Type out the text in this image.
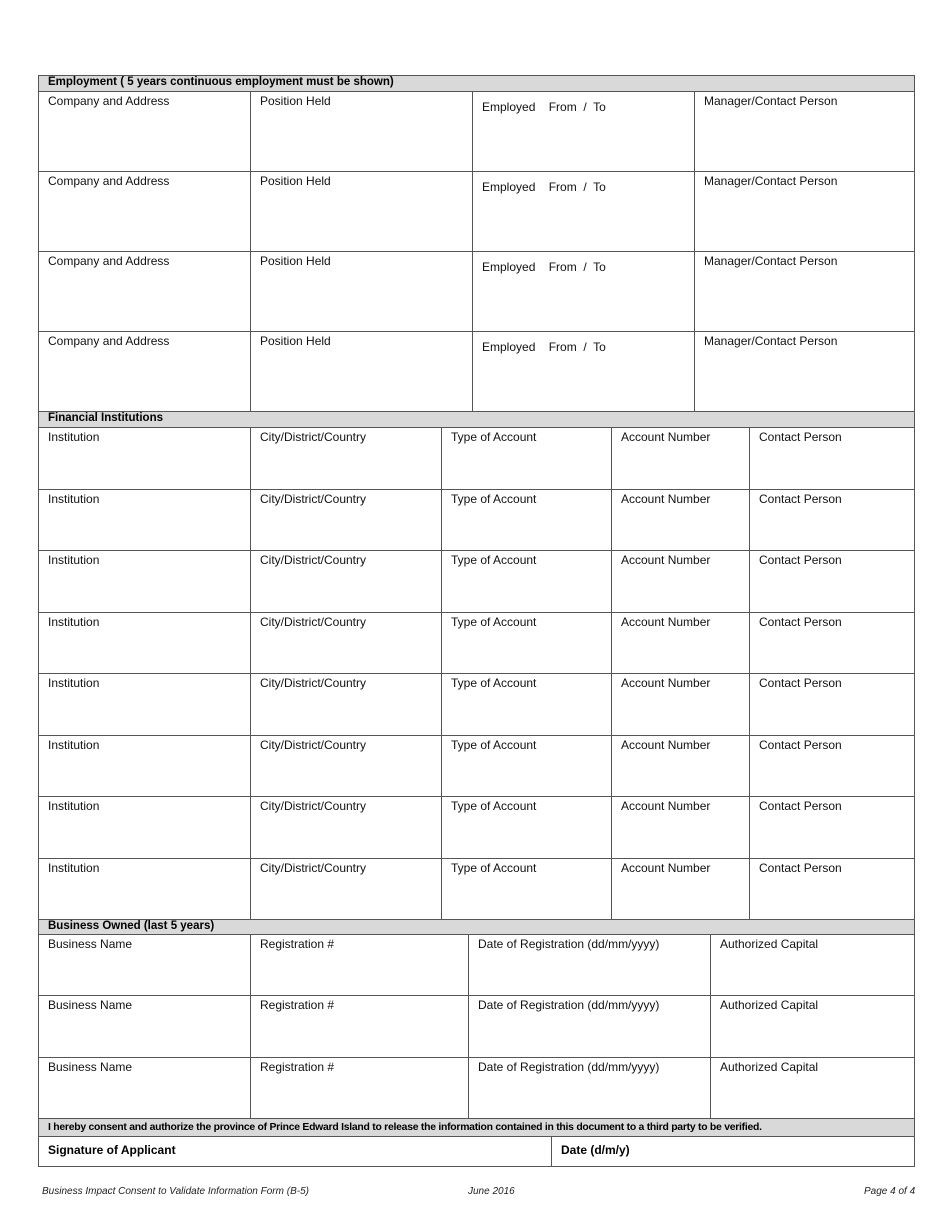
I hereby consent and authorize the province of Prince Edward Island to release the information contained in this document to a third party to be verified.
Signature of Applicant	Date (d/m/y)
Business Impact Consent to Validate Information Form (B-5)	June 2016	Page 4 of 4
Employment ( 5 years continuous employment must be shown)
Company and Address	Position Held	Employed    From  /  To	Manager/Contact Person
Company and Address	Position Held	Employed    From  /  To	Manager/Contact Person
Company and Address	Position Held	Employed    From  /  To	Manager/Contact Person
Company and Address	Position Held	Employed    From  /  To	Manager/Contact Person
Financial Institutions
Institution	City/District/Country	Type of Account	Account Number	Contact Person
Institution	City/District/Country	Type of Account	Account Number	Contact Person
Institution	City/District/Country	Type of Account	Account Number	Contact Person
Institution	City/District/Country	Type of Account	Account Number	Contact Person
Institution	City/District/Country	Type of Account	Account Number	Contact Person
Institution	City/District/Country	Type of Account	Account Number	Contact Person
Institution	City/District/Country	Type of Account	Account Number	Contact Person
Institution	City/District/Country	Type of Account	Account Number	Contact Person
Business Owned (last 5 years)
Business Name	Registration #	Date of Registration (dd/mm/yyyy)	Authorized Capital
Business Name	Registration #	Date of Registration (dd/mm/yyyy)	Authorized Capital
Business Name	Registration #	Date of Registration (dd/mm/yyyy)	Authorized Capital
